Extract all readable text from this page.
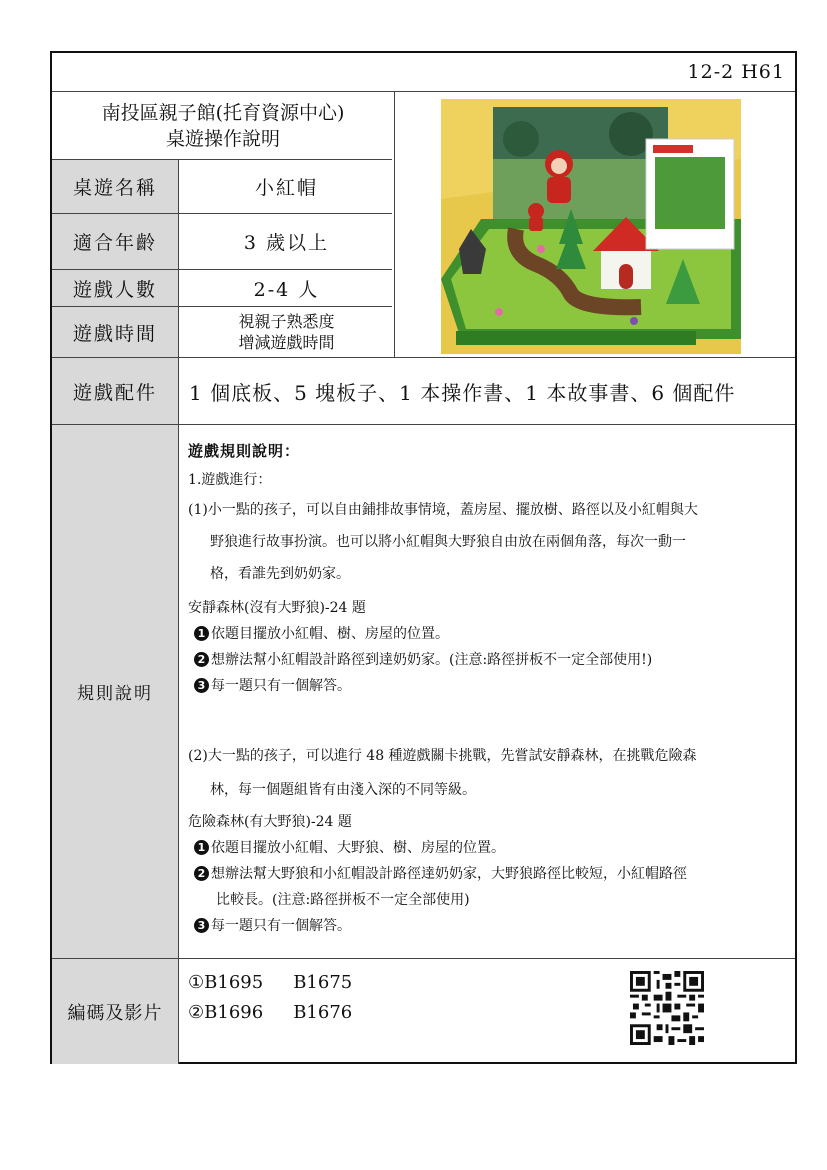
桌遊名稱
適合年齡
遊戲人數
遊戲時間
遊戲配件
規則說明
編碼及影片
12-2 H61
南投區親子館(托育資源中心)
桌遊操作說明
小紅帽
3 歲以上
2-4 人
視親子熟悉度
增減遊戲時間
1 個底板、5 塊板子、1 本操作書、1 本故事書、6 個配件

遊戲規則說明：

1.遊戲進行：

(1)小一點的孩子，可以自由鋪排故事情境，蓋房屋、擺放樹、路徑以及小紅帽與大

野狼進行故事扮演。也可以將小紅帽與大野狼自由放在兩個角落，每次一動一

格，看誰先到奶奶家。

安靜森林(沒有大野狼)-24 題

1 依題目擺放小紅帽、樹、房屋的位置。
2 想辦法幫小紅帽設計路徑到達奶奶家。(注意:路徑拼板不一定全部使用!)
3 每一題只有一個解答。

(2)大一點的孩子，可以進行 48 種遊戲關卡挑戰，先嘗試安靜森林，在挑戰危險森

林，每一個題組皆有由淺入深的不同等級。

危險森林(有大野狼)-24 題

1 依題目擺放小紅帽、大野狼、樹、房屋的位置。
2 想辦法幫大野狼和小紅帽設計路徑達奶奶家，大野狼路徑比較短，小紅帽路徑

比較長。(注意:路徑拼板不一定全部使用)

3 每一題只有一個解答。
①B1695 B1675
②B1696 B1676
